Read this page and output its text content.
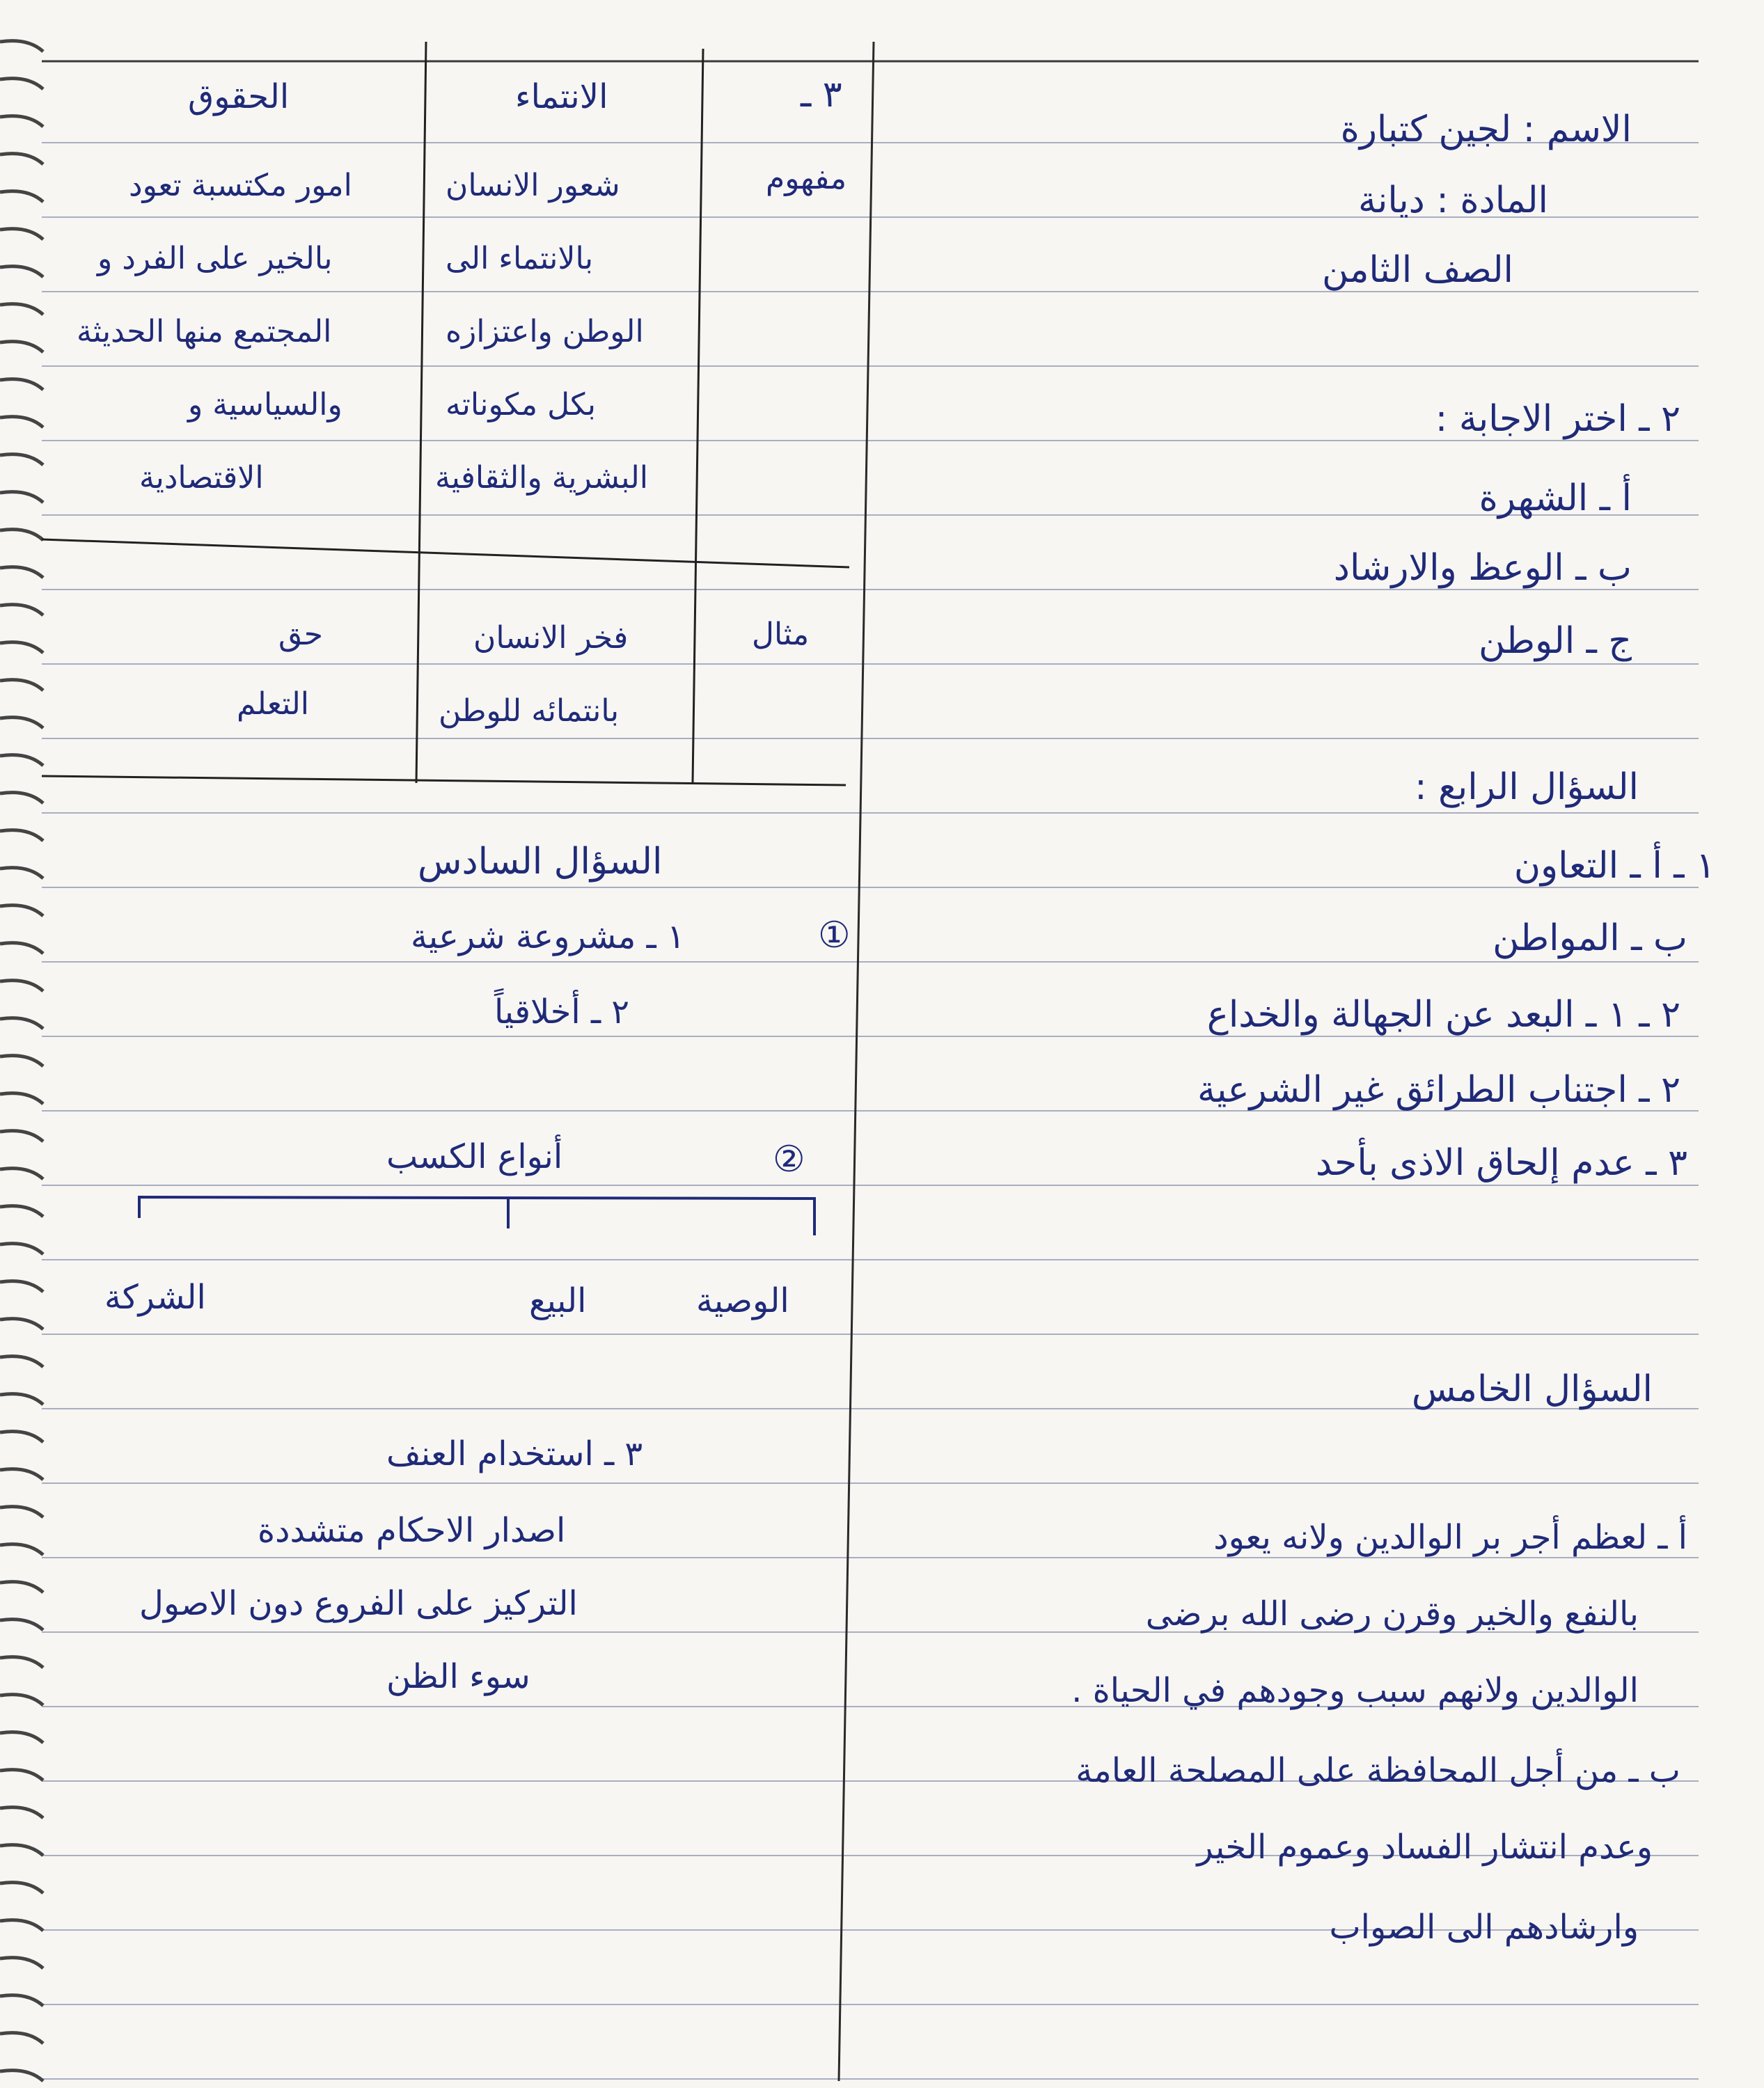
الاسم : لجين كتبارة
المادة : ديانة
الصف الثامن
٢ ـ اختر الاجابة :
أ ـ الشهرة
ب ـ الوعظ والارشاد
ج ـ الوطن
السؤال الرابع :
١ ـ أ ـ التعاون
ب ـ المواطن
٢ ـ ١ ـ البعد عن الجهالة والخداع
٢ ـ اجتناب الطرائق غير الشرعية
٣ ـ عدم إلحاق الاذى بأحد
السؤال الخامس
أ ـ لعظم أجر بر الوالدين ولانه يعود
بالنفع والخير وقرن رضى الله برضى
الوالدين ولانهم سبب وجودهم في الحياة .
ب ـ من أجل المحافظة على المصلحة العامة
وعدم انتشار الفساد وعموم الخير
وارشادهم الى الصواب
٣ ـ
الانتماء
الحقوق
مفهوم
شعور الانسان
بالانتماء الى
الوطن واعتزازه
بكل مكوناته
البشرية والثقافية
امور مكتسبة تعود
بالخير على الفرد و
المجتمع منها الحديثة
والسياسية و
الاقتصادية
مثال
فخر الانسان
بانتمائه للوطن
حق
التعلم
السؤال السادس
①
١ ـ مشروعة شرعية
٢ ـ أخلاقياً
②
أنواع الكسب
الوصية
البيع
الشركة
٣ ـ استخدام العنف
اصدار الاحكام متشددة
التركيز على الفروع دون الاصول
سوء الظن
